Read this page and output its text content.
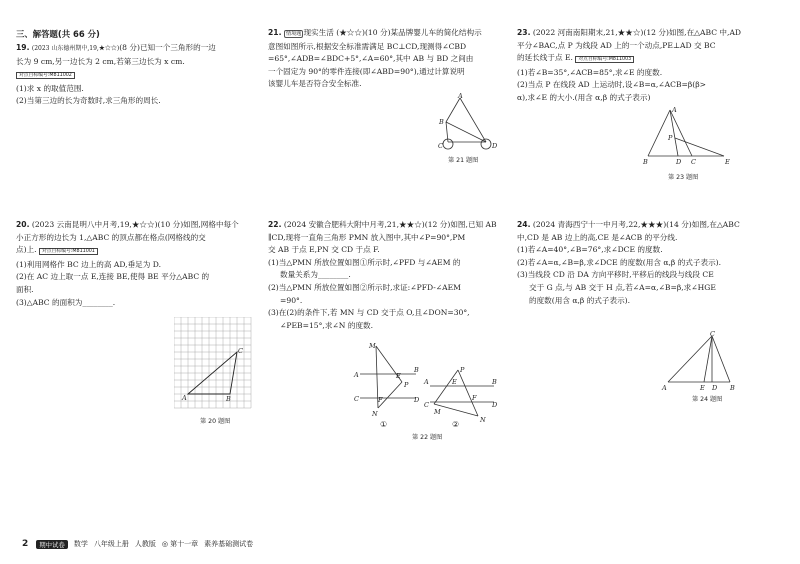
三、解答题(共 66 分)

19. (2023 山东德州期中,19,★☆☆)(8 分)已知一个三角形的一边

长为 9 cm,另一边长为 2 cm,若第三边长为 x cm.

对点目标编号:M811002

(1)求 x 的取值范围.

(2)当第三边的长为奇数时,求三角形的周长.

21. 情境题 现实生活 (★☆☆)(10 分)某品牌婴儿车的简化结构示

意图如图所示,根据安全标准需满足 BC⊥CD,现测得∠CBD

=65°,∠ADB=∠BDC+5°,∠A=60°,其中 AB 与 BD 之间由

一个固定为 90°的零件连接(即∠ABD=90°),通过计算说明

该婴儿车是否符合安全标准.

A
B
C	D
第 21 题图

23. (2022 河南南阳期末,21,★★☆)(12 分)如图,在△ABC 中,AD

平分∠BAC,点 P 为线段 AD 上的一个动点,PE⊥AD 交 BC

的延长线于点 E. 对点目标编号:M811003

(1)若∠B=35°,∠ACB=85°,求∠E 的度数.

(2)当点 P 在线段 AD 上运动时,设∠B=α,∠ACB=β(β>

α),求∠E 的大小.(用含 α,β 的式子表示)

A
B	D C	E
P
第 23 题图

20. (2023 云南昆明八中月考,19,★☆☆)(10 分)如图,网格中每个

小正方形的边长为 1,△ABC 的顶点都在格点(网格线的交

点)上. 对点目标编号:M811001

(1)利用网格作 BC 边上的高 AD,垂足为 D.

(2)在 AC 边上取一点 E,连接 BE,使得 BE 平分△ABC 的

面积.

(3)△ABC 的面积为________.

A	B
C
第 20 题图

22. (2024 安徽合肥科大附中月考,21,★★☆)(12 分)如图,已知 AB

∥CD,现将一直角三角形 PMN 放入图中,其中∠P=90°,PM

交 AB 于点 E,PN 交 CD 于点 F.

(1)当△PMN 所放位置如图①所示时,∠PFD 与∠AEM 的

数量关系为________.

(2)当△PMN 所放位置如图②所示时,求证:∠PFD-∠AEM

=90°.

(3)在(2)的条件下,若 MN 与 CD 交于点 O,且∠DON=30°,

∠PEB=15°,求∠N 的度数.

M
A
B
C	D
E
P
F
N
P
A	B
C	D
E
F
M
N
①	②
第 22 题图

24. (2024 青海西宁十一中月考,22,★★★)(14 分)如图,在△ABC

中,CD 是 AB 边上的高,CE 是∠ACB 的平分线.

(1)若∠A=40°,∠B=76°,求∠DCE 的度数.

(2)若∠A=α,∠B=β,求∠DCE 的度数(用含 α,β 的式子表示).

(3)当线段 CD 沿 DA 方向平移时,平移后的线段与线段 CE

交于 G 点,与 AB 交于 H 点,若∠A=α,∠B=β,求∠HGE

的度数(用含 α,β 的式子表示).

C
A	E D B
第 24 题图
2	期中试卷	数学 八年级上册 人教版 ◎ 第十一章 素养基础测试卷
